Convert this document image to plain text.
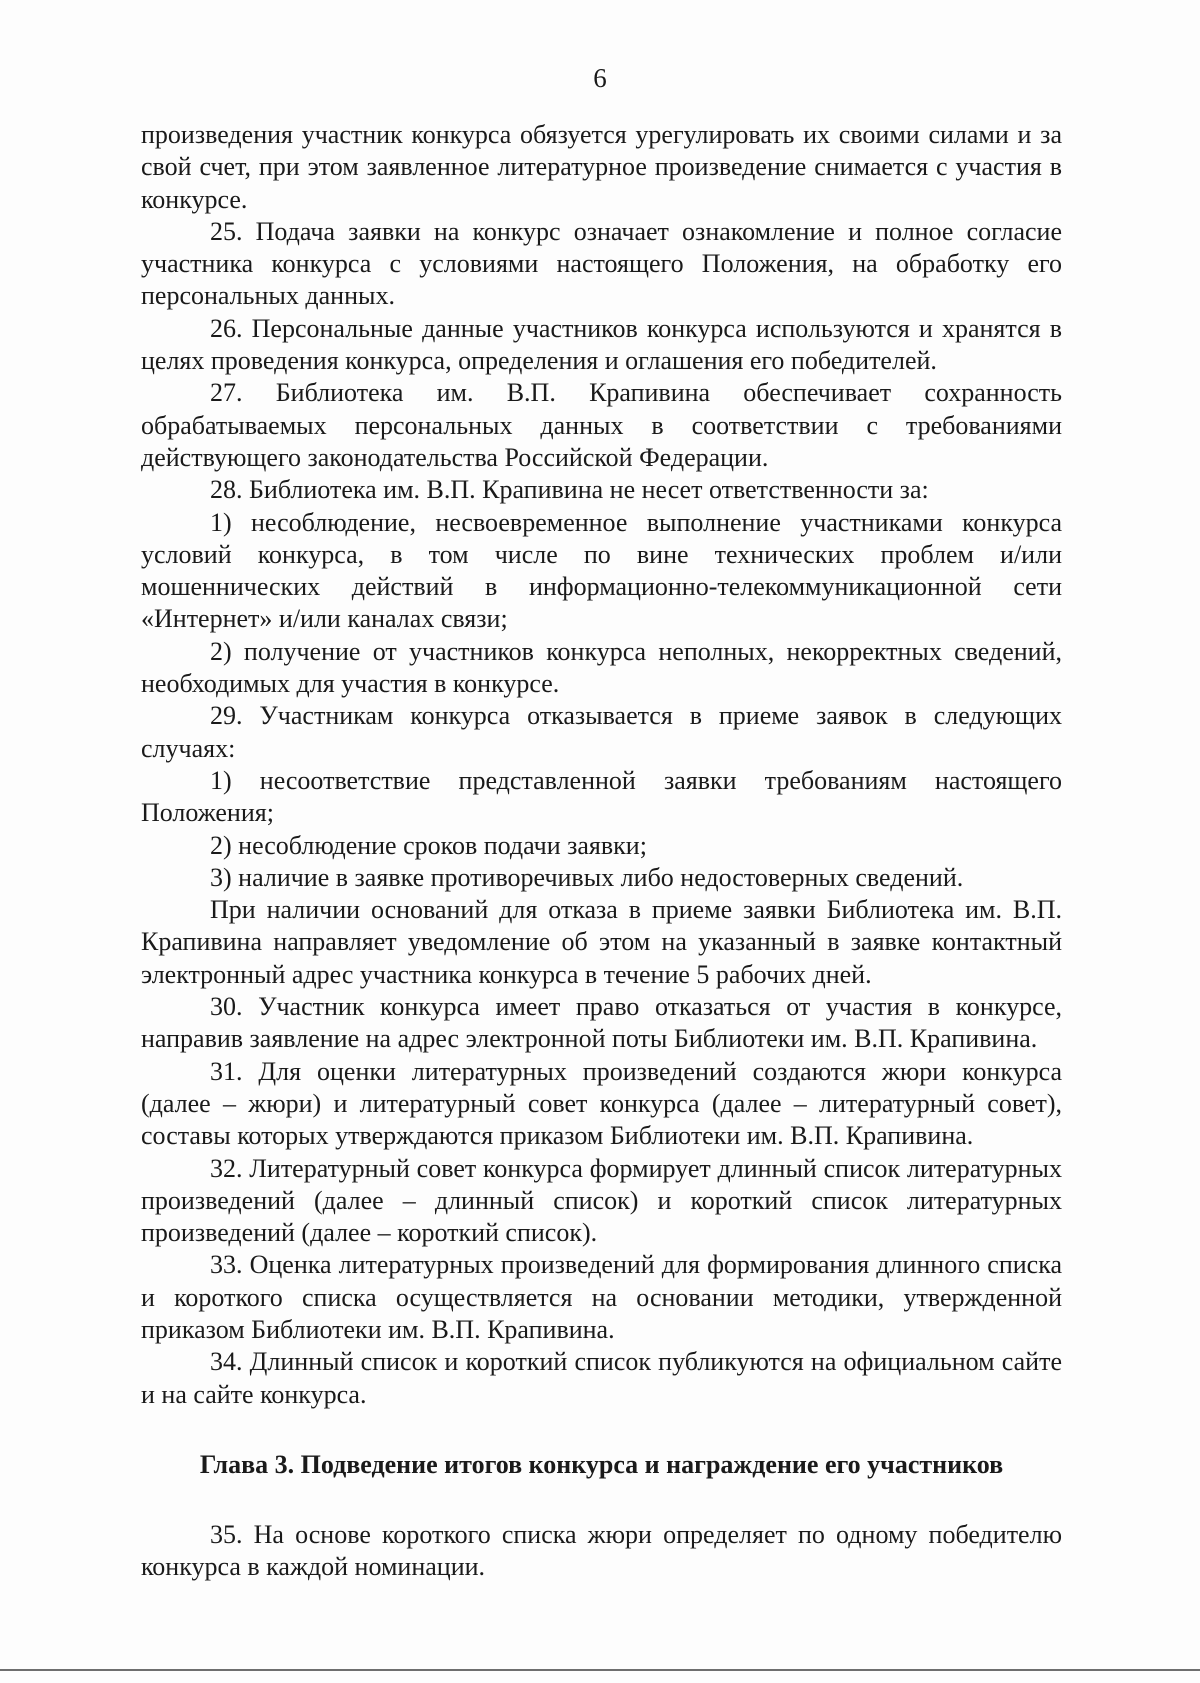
6

произведения участник конкурса обязуется урегулировать их своими силами и за свой счет, при этом заявленное литературное произведение снимается с участия в конкурсе.

25. Подача заявки на конкурс означает ознакомление и полное согласие участника конкурса с условиями настоящего Положения, на обработку его персональных данных.

26. Персональные данные участников конкурса используются и хранятся в целях проведения конкурса, определения и оглашения его победителей.

27. Библиотека им. В.П. Крапивина обеспечивает сохранность обрабатываемых персональных данных в соответствии с требованиями действующего законодательства Российской Федерации.

28. Библиотека им. В.П. Крапивина не несет ответственности за:

1) несоблюдение, несвоевременное выполнение участниками конкурса условий конкурса, в том числе по вине технических проблем и/или мошеннических действий в информационно-телекоммуникационной сети «Интернет» и/или каналах связи;

2) получение от участников конкурса неполных, некорректных сведений, необходимых для участия в конкурсе.

29. Участникам конкурса отказывается в приеме заявок в следующих случаях:

1) несоответствие представленной заявки требованиям настоящего Положения;

2) несоблюдение сроков подачи заявки;

3) наличие в заявке противоречивых либо недостоверных сведений.

При наличии оснований для отказа в приеме заявки Библиотека им. В.П. Крапивина направляет уведомление об этом на указанный в заявке контактный электронный адрес участника конкурса в течение 5 рабочих дней.

30. Участник конкурса имеет право отказаться от участия в конкурсе, направив заявление на адрес электронной поты Библиотеки им. В.П. Крапивина.

31. Для оценки литературных произведений создаются жюри конкурса (далее – жюри) и литературный совет конкурса (далее – литературный совет), составы которых утверждаются приказом Библиотеки им. В.П. Крапивина.

32. Литературный совет конкурса формирует длинный список литературных произведений (далее – длинный список) и короткий список литературных произведений (далее – короткий список).

33. Оценка литературных произведений для формирования длинного списка и короткого списка осуществляется на основании методики, утвержденной приказом Библиотеки им. В.П. Крапивина.

34. Длинный список и короткий список публикуются на официальном сайте и на сайте конкурса.

Глава 3. Подведение итогов конкурса и награждение его участников

35. На основе короткого списка жюри определяет по одному победителю конкурса в каждой номинации.
